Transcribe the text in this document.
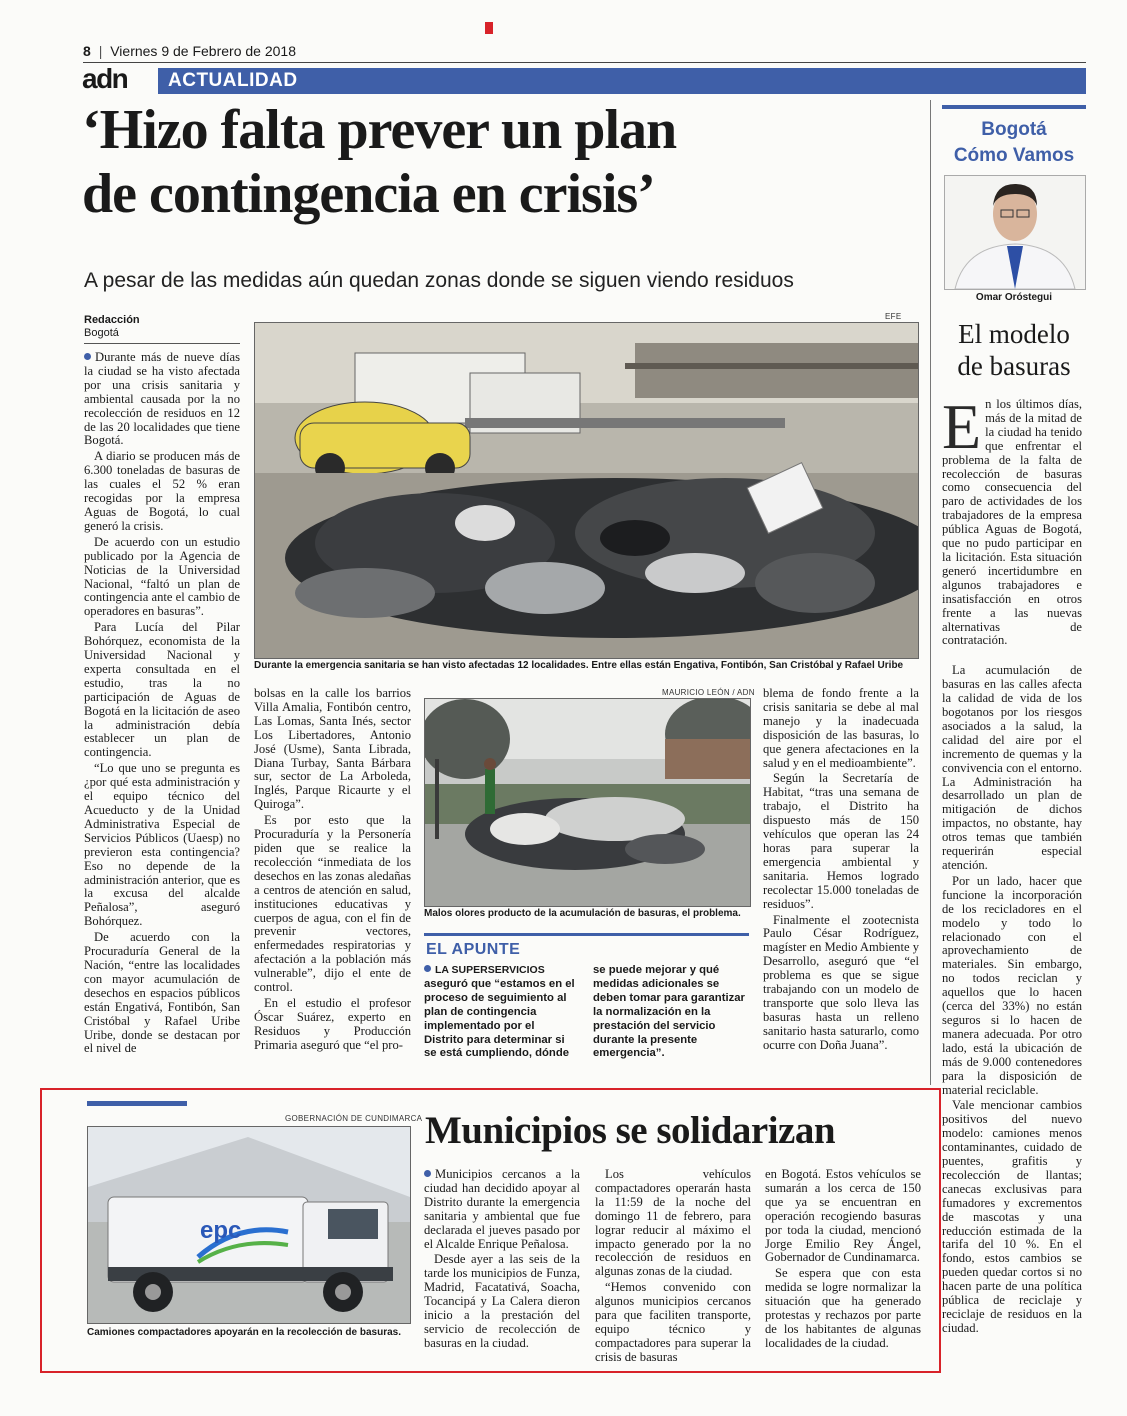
8 | Viernes 9 de Febrero de 2018
adn	ACTUALIDAD
‘Hizo falta prever un plan
de contingencia en crisis’
A pesar de las medidas aún quedan zonas donde se siguen viendo residuos
Redacción
Bogotá

Durante más de nueve días la ciudad se ha visto afectada por una crisis sanitaria y ambiental causada por la no recolección de residuos en 12 de las 20 localidades que tiene Bogotá.

A diario se producen más de 6.300 toneladas de basuras de las cuales el 52 % eran recogidas por la empresa Aguas de Bogotá, lo cual generó la crisis.

De acuerdo con un estudio publicado por la Agencia de Noticias de la Universidad Nacional, “faltó un plan de contingencia ante el cambio de operadores en basuras”.

Para Lucía del Pilar Bohórquez, economista de la Universidad Nacional y experta consultada en el estudio, tras la no participación de Aguas de Bogotá en la licitación de aseo la administración debía establecer un plan de contingencia.

“Lo que uno se pregunta es ¿por qué esta administración y el equipo técnico del Acueducto y de la Unidad Administrativa Especial de Servicios Públicos (Uaesp) no previeron esta contingencia? Eso no depende de la administración anterior, que es la excusa del alcalde Peñalosa”, aseguró Bohórquez.

De acuerdo con la Procuraduría General de la Nación, “entre las localidades con mayor acumulación de desechos en espacios públicos están Engativá, Fontibón, San Cristóbal y Rafael Uribe Uribe, donde se destacan por el nivel de

EFE
Durante la emergencia sanitaria se han visto afectadas 12 localidades. Entre ellas están Engativa, Fontibón, San Cristóbal y Rafael Uribe

bolsas en la calle los barrios Villa Amalia, Fontibón centro, Las Lomas, Santa Inés, sector Los Libertadores, Antonio José (Usme), Santa Librada, Diana Turbay, Santa Bárbara sur, sector de La Arboleda, Inglés, Parque Ricaurte y el Quiroga”.

Es por esto que la Procuraduría y la Personería piden que se realice la recolección “inmediata de los desechos en las zonas aledañas a centros de atención en salud, instituciones educativas y cuerpos de agua, con el fin de prevenir vectores, enfermedades respiratorias y afectación a la población más vulnerable”, dijo el ente de control.

En el estudio el profesor Óscar Suárez, experto en Residuos y Producción Primaria aseguró que “el pro-

MAURICIO LEÓN / ADN
Malos olores producto de la acumulación de basuras, el problema.

blema de fondo frente a la crisis sanitaria se debe al mal manejo y la inadecuada disposición de las basuras, lo que genera afectaciones en la salud y en el medioambiente”.

Según la Secretaría de Habitat, “tras una semana de trabajo, el Distrito ha dispuesto más de 150 vehículos que operan las 24 horas para superar la emergencia ambiental y sanitaria. Hemos logrado recolectar 15.000 toneladas de residuos”.

Finalmente el zootecnista Paulo César Rodríguez, magíster en Medio Ambiente y Desarrollo, aseguró que “el problema es que se sigue trabajando con un modelo de transporte que solo lleva las basuras hasta un relleno sanitario hasta saturarlo, como ocurre con Doña Juana”.

EL APUNTE

LA SUPERSERVICIOS aseguró que “estamos en el proceso de seguimiento al plan de contingencia implementado por el Distrito para determinar si se está cumpliendo, dónde

se puede mejorar y qué medidas adicionales se deben tomar para garantizar la normalización en la prestación del servicio durante la presente emergencia”.

Bogotá
Cómo Vamos
Omar Oróstegui
El modelo
de basuras

En los últimos días, más de la mitad de la ciudad ha tenido que enfrentar el problema de la falta de recolección de basuras como consecuencia del paro de actividades de los trabajadores de la empresa pública Aguas de Bogotá, que no pudo participar en la licitación. Esta situación generó incertidumbre en algunos trabajadores e insatisfacción en otros frente a las nuevas alternativas de contratación.

La acumulación de basuras en las calles afecta la calidad de vida de los bogotanos por los riesgos asociados a la salud, la calidad del aire por el incremento de quemas y la convivencia con el entorno. La Administración ha desarrollado un plan de mitigación de dichos impactos, no obstante, hay otros temas que también requerirán especial atención.

Por un lado, hacer que funcione la incorporación de los recicladores en el modelo y todo lo relacionado con el aprovechamiento de materiales. Sin embargo, no todos reciclan y aquellos que lo hacen (cerca del 33%) no están seguros si lo hacen de manera adecuada. Por otro lado, está la ubicación de más de 9.000 contenedores para la disposición de material reciclable.

Vale mencionar cambios positivos del nuevo modelo: camiones menos contaminantes, cuidado de puentes, grafitis y recolección de llantas; canecas exclusivas para fumadores y excrementos de mascotas y una reducción estimada de la tarifa del 10 %. En el fondo, estos cambios se pueden quedar cortos si no hacen parte de una política pública de reciclaje y reciclaje de residuos en la ciudad.

GOBERNACIÓN DE CUNDIMARCA
epc
Camiones compactadores apoyarán en la recolección de basuras.
Municipios se solidarizan

Municipios cercanos a la ciudad han decidido apoyar al Distrito durante la emergencia sanitaria y ambiental que fue declarada el jueves pasado por el Alcalde Enrique Peñalosa.

Desde ayer a las seis de la tarde los municipios de Funza, Madrid, Facatativá, Soacha, Tocancipá y La Calera dieron inicio a la prestación del servicio de recolección de basuras en la ciudad.

Los vehículos compactadores operarán hasta la 11:59 de la noche del domingo 11 de febrero, para lograr reducir al máximo el impacto generado por la no recolección de residuos en algunas zonas de la ciudad.

“Hemos convenido con algunos municipios cercanos para que faciliten transporte, equipo técnico y compactadores para superar la crisis de basuras

en Bogotá. Estos vehículos se sumarán a los cerca de 150 que ya se encuentran en operación recogiendo basuras por toda la ciudad, mencionó Jorge Emilio Rey Ángel, Gobernador de Cundinamarca.

Se espera que con esta medida se logre normalizar la situación que ha generado protestas y rechazos por parte de los habitantes de algunas localidades de la ciudad.
